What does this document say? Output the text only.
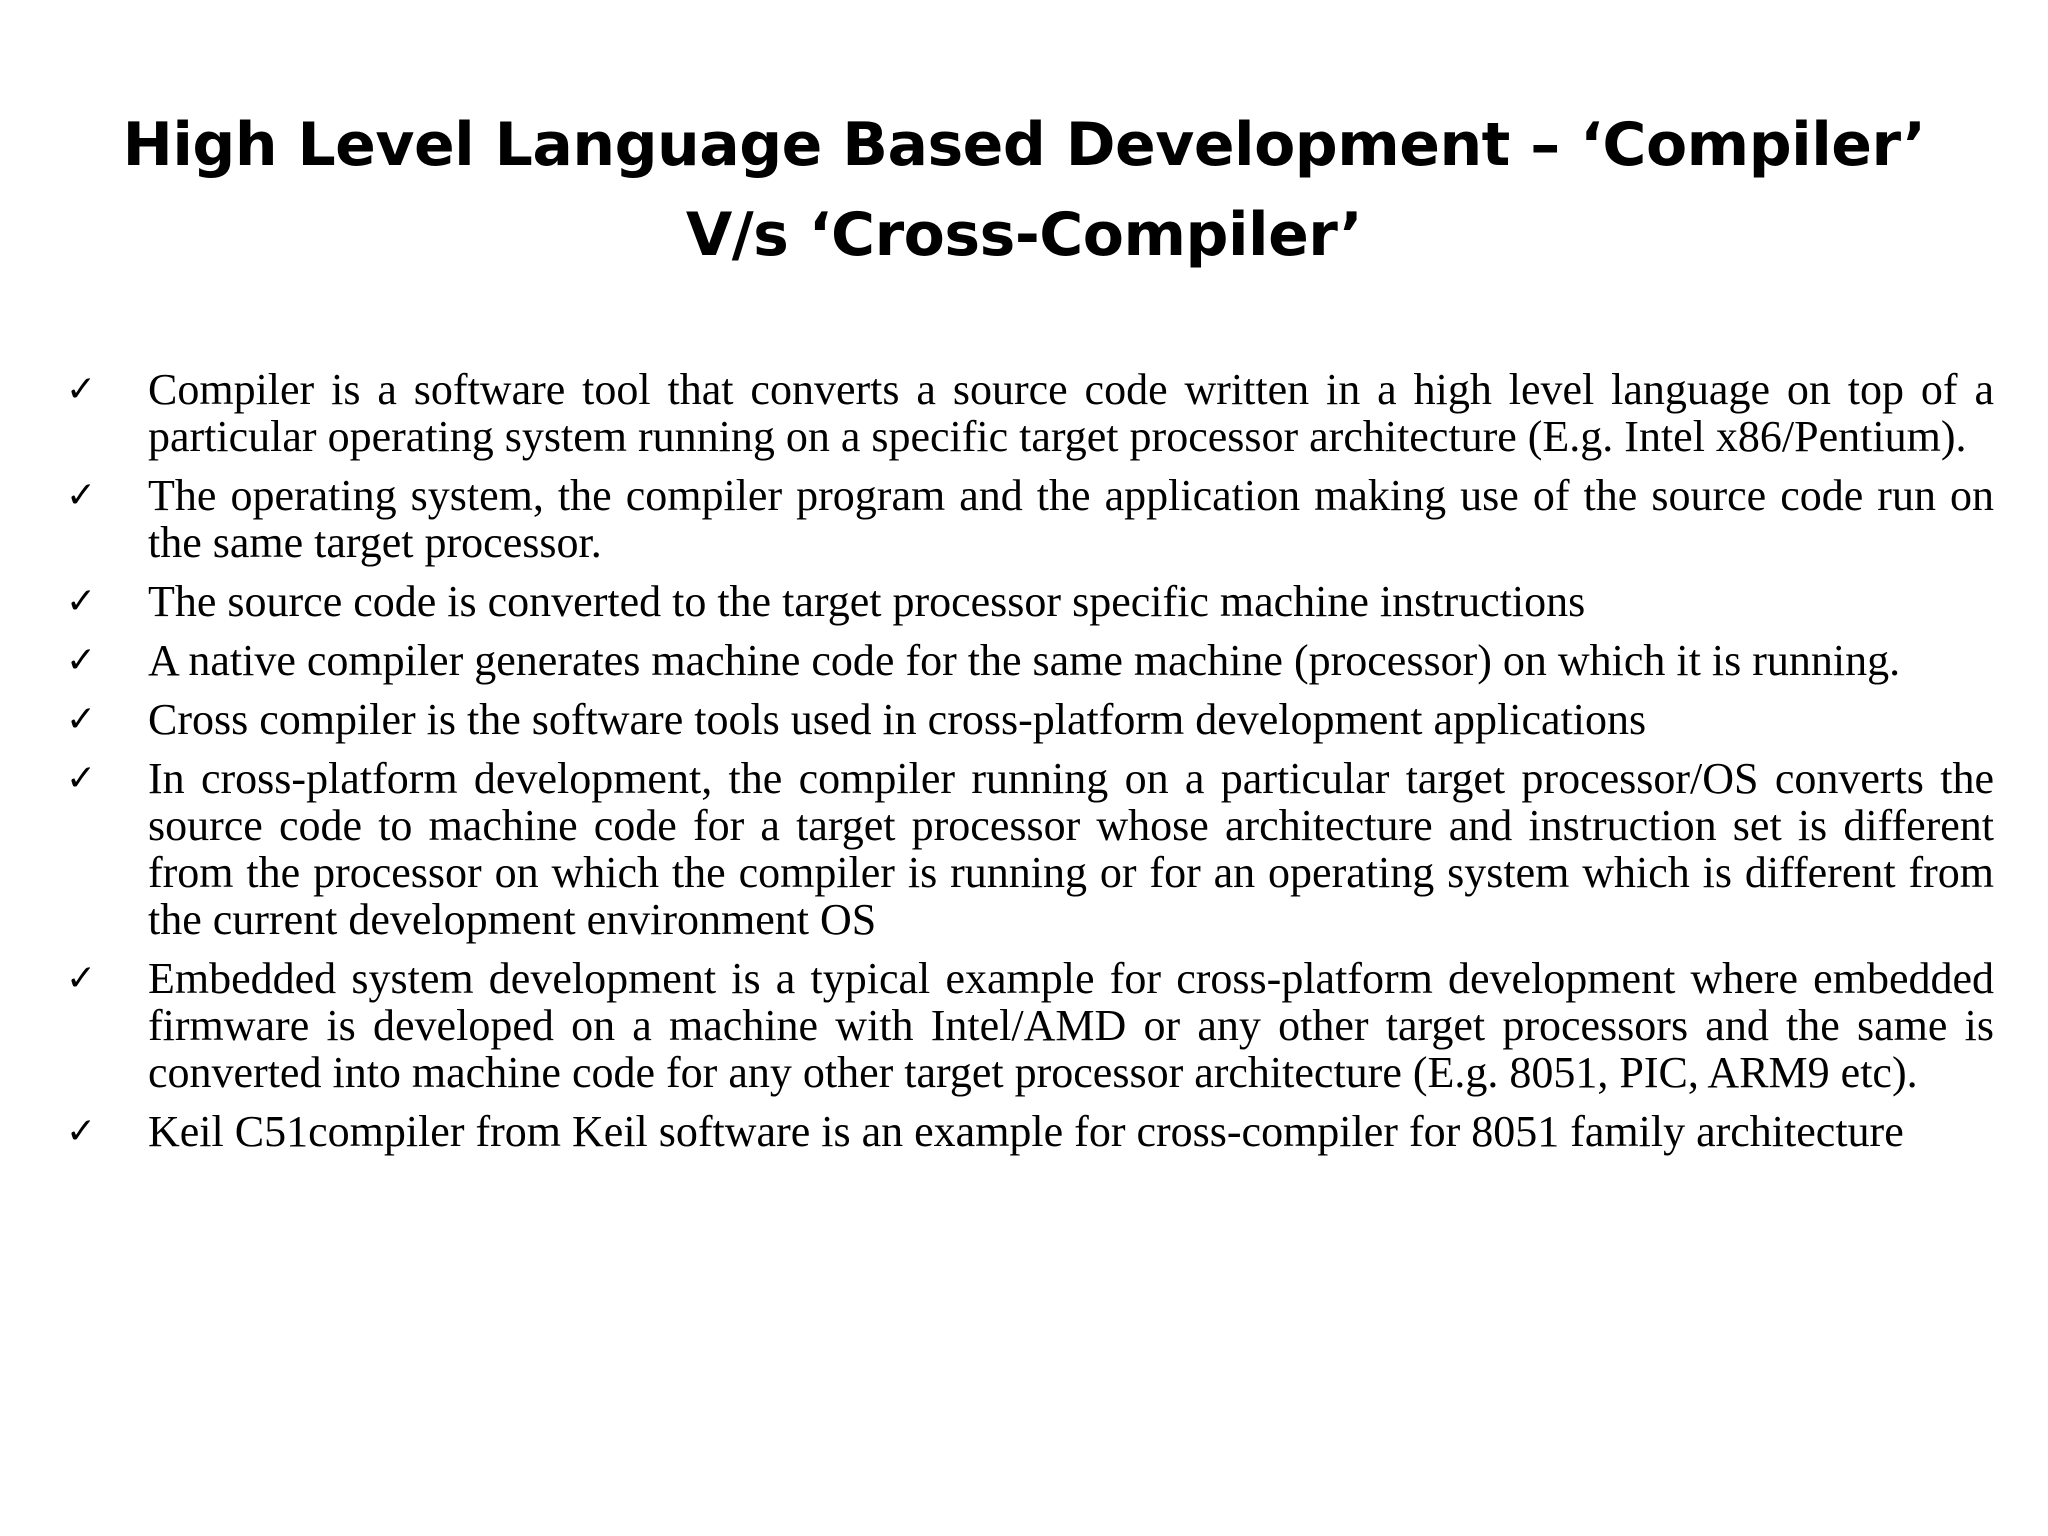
High Level Language Based Development – ‘Compiler’ V/s ‘Cross-Compiler’
✓	Compiler is a software tool that converts a source code written in a high level language on top of a particular operating system running on a specific target processor architecture (E.g. Intel x86/Pentium).

✓	The operating system, the compiler program and the application making use of the source code run on the same target processor.

✓	The source code is converted to the target processor specific machine instructions

✓	A native compiler generates machine code for the same machine (processor) on which it is running.

✓	Cross compiler is the software tools used in cross-platform development applications

✓	In cross-platform development, the compiler running on a particular target processor/OS converts the source code to machine code for a target processor whose architecture and instruction set is different from the processor on which the compiler is running or for an operating system which is different from the current development environment OS

✓	Embedded system development is a typical example for cross-platform development where embedded firmware is developed on a machine with Intel/AMD or any other target processors and the same is converted into machine code for any other target processor architecture (E.g. 8051, PIC, ARM9 etc).

✓	Keil C51compiler from Keil software is an example for cross-compiler for 8051 family architecture
